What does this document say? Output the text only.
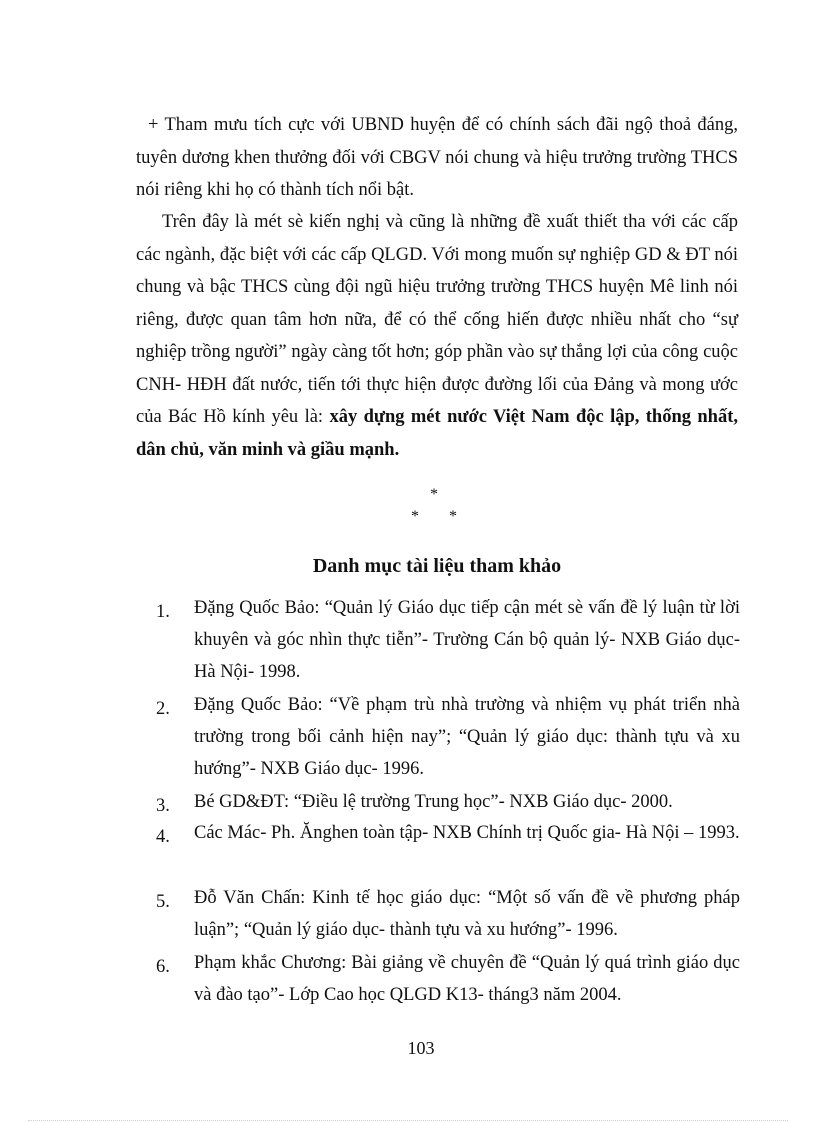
+ Tham mưu tích cực với UBND huyện để có chính sách đãi ngộ thoả đáng, tuyên dương khen thưởng đối với CBGV nói chung và hiệu trưởng trường THCS nói riêng khi họ có thành tích nổi bật.

Trên đây là mét sè kiến nghị và cũng là những đề xuất thiết tha với các cấp các ngành, đặc biệt với các cấp QLGD. Với mong muốn sự nghiệp GD & ĐT nói chung và bậc THCS cùng đội ngũ hiệu trưởng trường THCS huyện Mê linh nói riêng, được quan tâm hơn nữa, để có thể cống hiến được nhiều nhất cho “sự nghiệp trồng người” ngày càng tốt hơn; góp phần vào sự thắng lợi của công cuộc CNH- HĐH đất nước, tiến tới thực hiện được đường lối của Đảng và mong ước của Bác Hồ kính yêu là: xây dựng mét nước Việt Nam độc lập, thống nhất, dân chủ, văn minh và giầu mạnh.

*
* *
Danh mục tài liệu tham khảo
1.	Đặng Quốc Bảo: “Quản lý Giáo dục tiếp cận mét sè vấn đề lý luận từ lời khuyên và góc nhìn thực tiễn”- Trường Cán bộ quản lý- NXB Giáo dục- Hà Nội- 1998.
2.	Đặng Quốc Bảo: “Về phạm trù nhà trường và nhiệm vụ phát triển nhà trường trong bối cảnh hiện nay”; “Quản lý giáo dục: thành tựu và xu hướng”- NXB Giáo dục- 1996.
3.	Bé GD&ĐT: “Điều lệ trường Trung học”- NXB Giáo dục- 2000.
4.	Các Mác- Ph. Ănghen toàn tập- NXB Chính trị Quốc gia- Hà Nội – 1993.
5.	Đỗ Văn Chấn: Kinh tế học giáo dục: “Một số vấn đề về phương pháp luận”; “Quản lý giáo dục- thành tựu và xu hướng”- 1996.
6.	Phạm khắc Chương: Bài giảng về chuyên đề “Quản lý quá trình giáo dục và đào tạo”- Lớp Cao học QLGD K13- tháng3 năm 2004.
103
